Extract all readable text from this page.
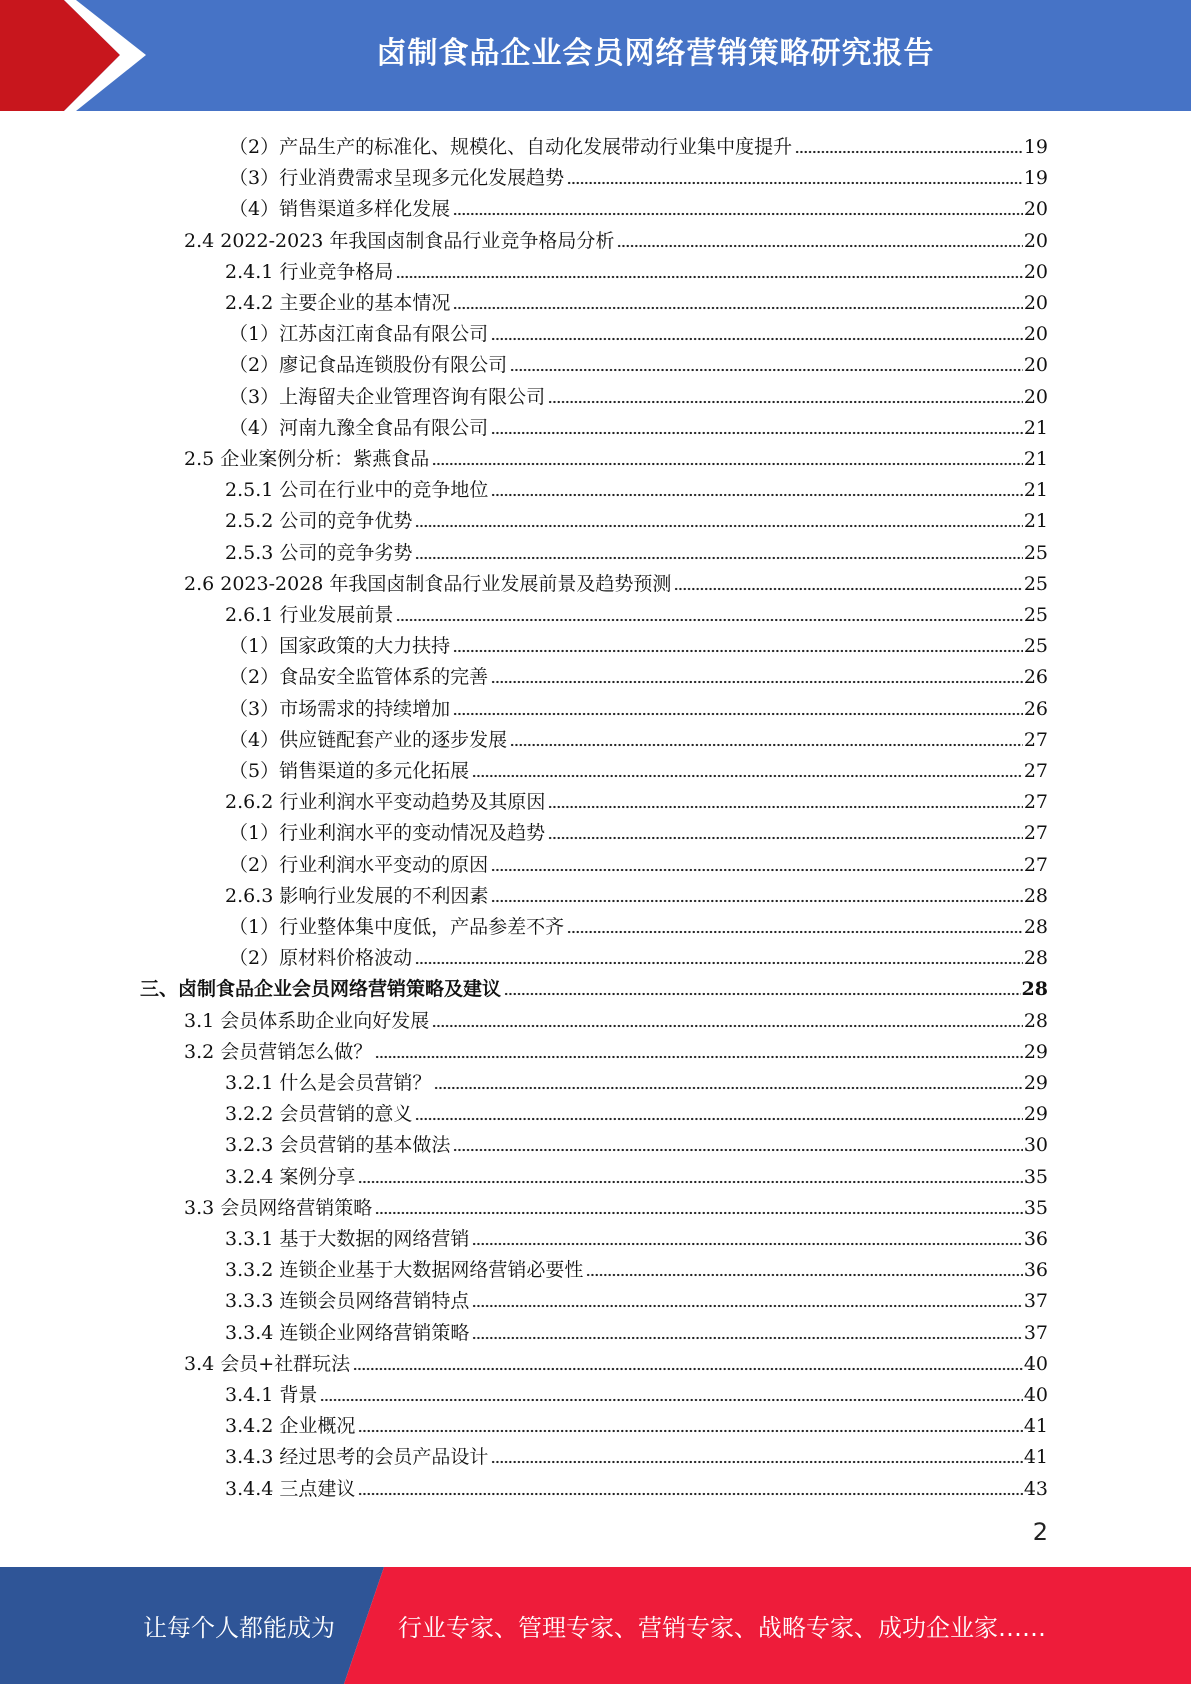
卤制食品企业会员网络营销策略研究报告
（2）产品生产的标准化、规模化、自动化发展带动行业集中度提升	19
（3）行业消费需求呈现多元化发展趋势	19
（4）销售渠道多样化发展	20
2.4 2022-2023 年我国卤制食品行业竞争格局分析	20
2.4.1 行业竞争格局	20
2.4.2 主要企业的基本情况	20
（1）江苏卤江南食品有限公司	20
（2）廖记食品连锁股份有限公司	20
（3）上海留夫企业管理咨询有限公司	20
（4）河南九豫全食品有限公司	21
2.5 企业案例分析：紫燕食品	21
2.5.1 公司在行业中的竞争地位	21
2.5.2 公司的竞争优势	21
2.5.3 公司的竞争劣势	25
2.6 2023-2028 年我国卤制食品行业发展前景及趋势预测	25
2.6.1 行业发展前景	25
（1）国家政策的大力扶持	25
（2）食品安全监管体系的完善	26
（3）市场需求的持续增加	26
（4）供应链配套产业的逐步发展	27
（5）销售渠道的多元化拓展	27
2.6.2 行业利润水平变动趋势及其原因	27
（1）行业利润水平的变动情况及趋势	27
（2）行业利润水平变动的原因	27
2.6.3 影响行业发展的不利因素	28
（1）行业整体集中度低，产品参差不齐	28
（2）原材料价格波动	28
三、卤制食品企业会员网络营销策略及建议	28
3.1 会员体系助企业向好发展	28
3.2 会员营销怎么做？	29
3.2.1 什么是会员营销？	29
3.2.2 会员营销的意义	29
3.2.3 会员营销的基本做法	30
3.2.4 案例分享	35
3.3 会员网络营销策略	35
3.3.1 基于大数据的网络营销	36
3.3.2 连锁企业基于大数据网络营销必要性	36
3.3.3 连锁会员网络营销特点	37
3.3.4 连锁企业网络营销策略	37
3.4 会员+社群玩法	40
3.4.1 背景	40
3.4.2 企业概况	41
3.4.3 经过思考的会员产品设计	41
3.4.4 三点建议	43
2
让每个人都能成为	行业专家、管理专家、营销专家、战略专家、成功企业家……
